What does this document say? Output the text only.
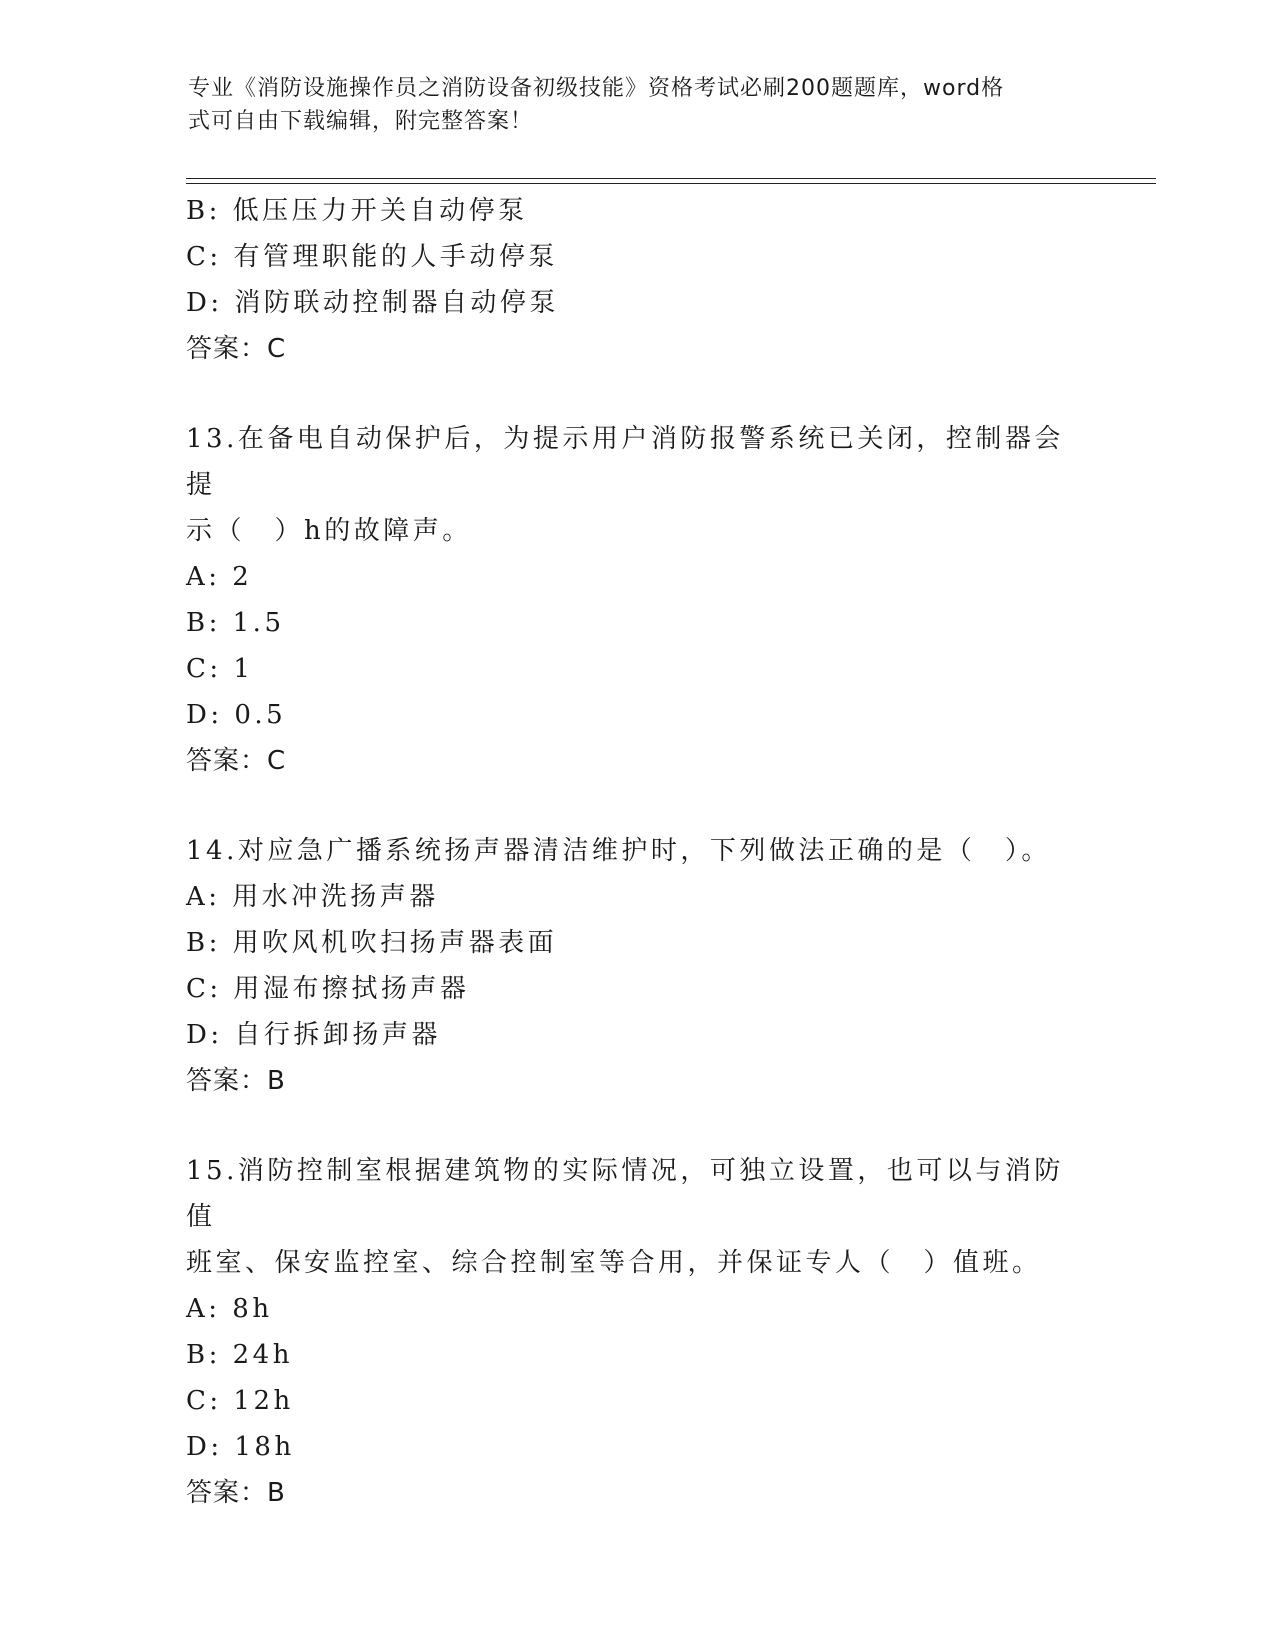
专业《消防设施操作员之消防设备初级技能》资格考试必刷200题题库，word格
式可自由下载编辑，附完整答案！

B: 低压压力开关自动停泵

C: 有管理职能的人手动停泵

D: 消防联动控制器自动停泵

答案：C

13.在备电自动保护后，为提示用户消防报警系统已关闭，控制器会提

示（　）h的故障声。

A: 2

B: 1.5

C: 1

D: 0.5

答案：C

14.对应急广播系统扬声器清洁维护时，下列做法正确的是（　）。

A: 用水冲洗扬声器

B: 用吹风机吹扫扬声器表面

C: 用湿布擦拭扬声器

D: 自行拆卸扬声器

答案：B

15.消防控制室根据建筑物的实际情况，可独立设置，也可以与消防值

班室、保安监控室、综合控制室等合用，并保证专人（　）值班。

A: 8h

B: 24h

C: 12h

D: 18h

答案：B
